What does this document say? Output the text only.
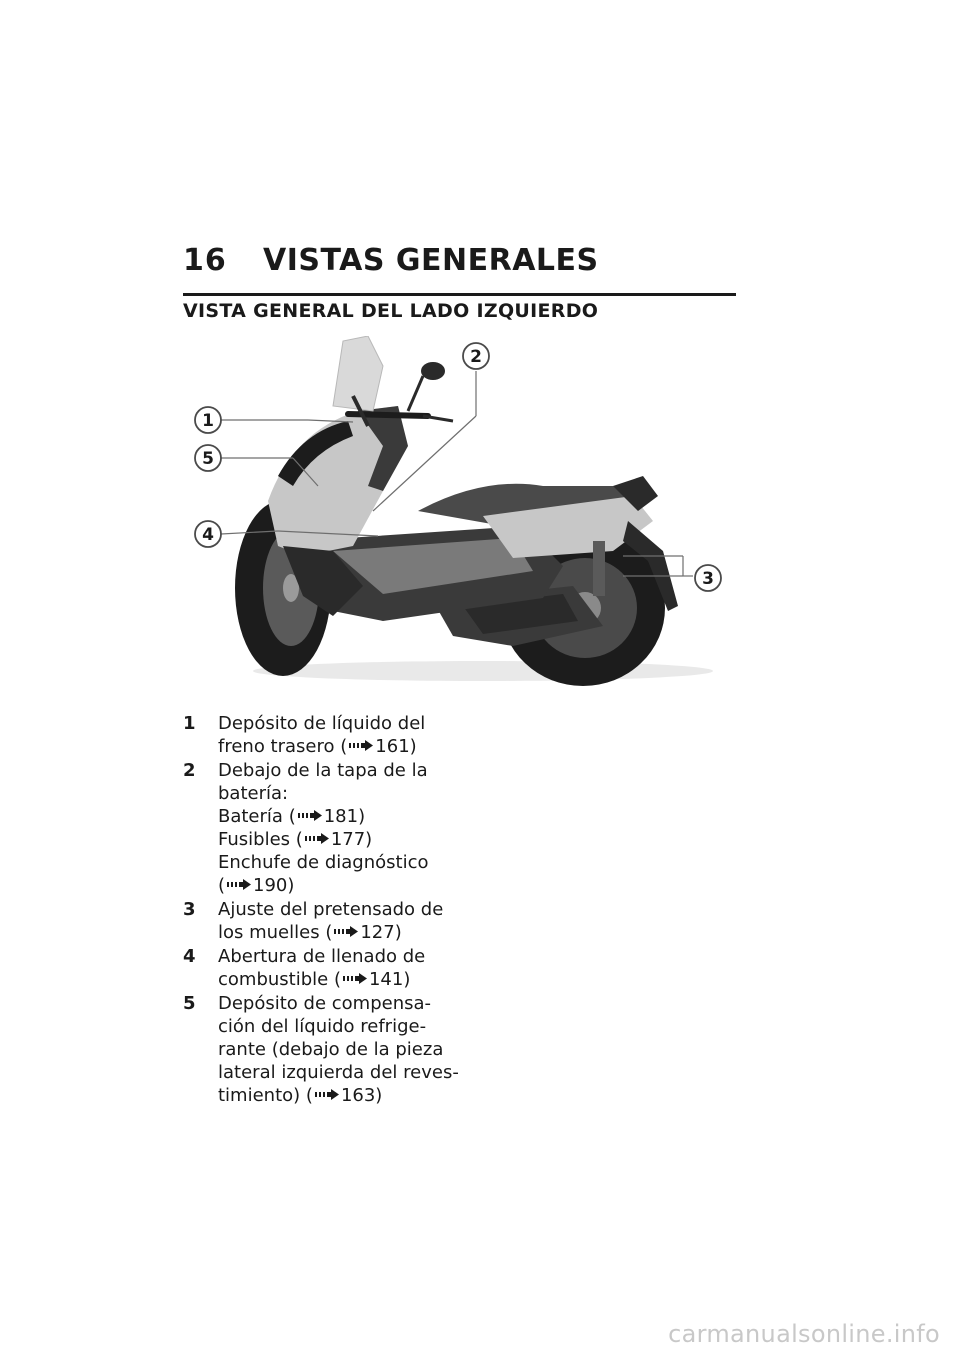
16	VISTAS GENERALES
VISTA GENERAL DEL LADO IZQUIERDO
1
5
4
2
3
1	Depósito de líquido del
freno trasero ( 161)
2	Debajo de la tapa de la
batería:
Batería ( 181)
Fusibles ( 177)
Enchufe de diagnóstico
( 190)
3	Ajuste del pretensado de
los muelles ( 127)
4	Abertura de llenado de
combustible ( 141)
5	Depósito de compensa-
ción del líquido refrige-
rante (debajo de la pieza
lateral izquierda del reves-
timiento) ( 163)
carmanualsonline.info
